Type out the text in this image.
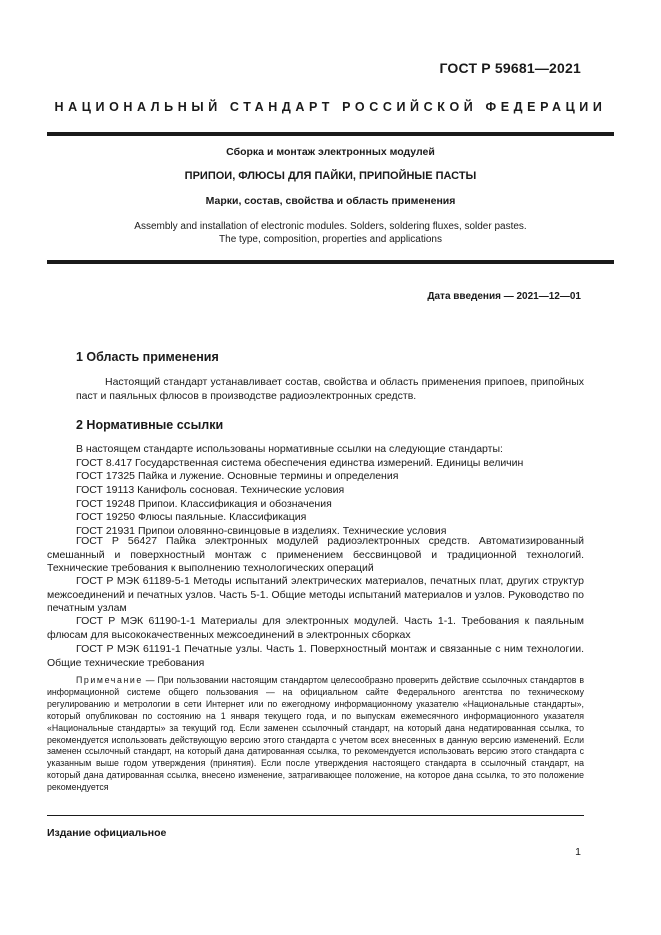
ГОСТ Р 59681—2021
НАЦИОНАЛЬНЫЙ СТАНДАРТ РОССИЙСКОЙ ФЕДЕРАЦИИ
Сборка и монтаж электронных модулей
ПРИПОИ, ФЛЮСЫ ДЛЯ ПАЙКИ, ПРИПОЙНЫЕ ПАСТЫ
Марки, состав, свойства и область применения
Assembly and installation of electronic modules. Solders, soldering fluxes, solder pastes.
The type, composition, properties and applications
Дата введения — 2021—12—01
1 Область применения
Настоящий стандарт устанавливает состав, свойства и область применения припоев, припойных паст и паяльных флюсов в производстве радиоэлектронных средств.
2 Нормативные ссылки
В настоящем стандарте использованы нормативные ссылки на следующие стандарты:
ГОСТ 8.417 Государственная система обеспечения единства измерений. Единицы величин
ГОСТ 17325 Пайка и лужение. Основные термины и определения
ГОСТ 19113 Канифоль сосновая. Технические условия
ГОСТ 19248 Припои. Классификация и обозначения
ГОСТ 19250 Флюсы паяльные. Классификация
ГОСТ 21931 Припои оловянно-свинцовые в изделиях. Технические условия
ГОСТ Р 56427 Пайка электронных модулей радиоэлектронных средств. Автоматизированный смешанный и поверхностный монтаж с применением бессвинцовой и традиционной технологий. Технические требования к выполнению технологических операций
ГОСТ Р МЭК 61189-5-1 Методы испытаний электрических материалов, печатных плат, других структур межсоединений и печатных узлов. Часть 5-1. Общие методы испытаний материалов и узлов. Руководство по печатным узлам
ГОСТ Р МЭК 61190-1-1 Материалы для электронных модулей. Часть 1-1. Требования к паяльным флюсам для высококачественных межсоединений в электронных сборках
ГОСТ Р МЭК 61191-1 Печатные узлы. Часть 1. Поверхностный монтаж и связанные с ним технологии. Общие технические требования
Примечание — При пользовании настоящим стандартом целесообразно проверить действие ссылочных стандартов в информационной системе общего пользования — на официальном сайте Федерального агентства по техническому регулированию и метрологии в сети Интернет или по ежегодному информационному указателю «Национальные стандарты», который опубликован по состоянию на 1 января текущего года, и по выпускам ежемесячного информационного указателя «Национальные стандарты» за текущий год. Если заменен ссылочный стандарт, на который дана недатированная ссылка, то рекомендуется использовать действующую версию этого стандарта с учетом всех внесенных в данную версию изменений. Если заменен ссылочный стандарт, на который дана датированная ссылка, то рекомендуется использовать версию этого стандарта с указанным выше годом утверждения (принятия). Если после утверждения настоящего стандарта в ссылочный стандарт, на который дана датированная ссылка, внесено изменение, затрагивающее положение, на которое дана ссылка, то это положение рекомендуется
Издание официальное
1
